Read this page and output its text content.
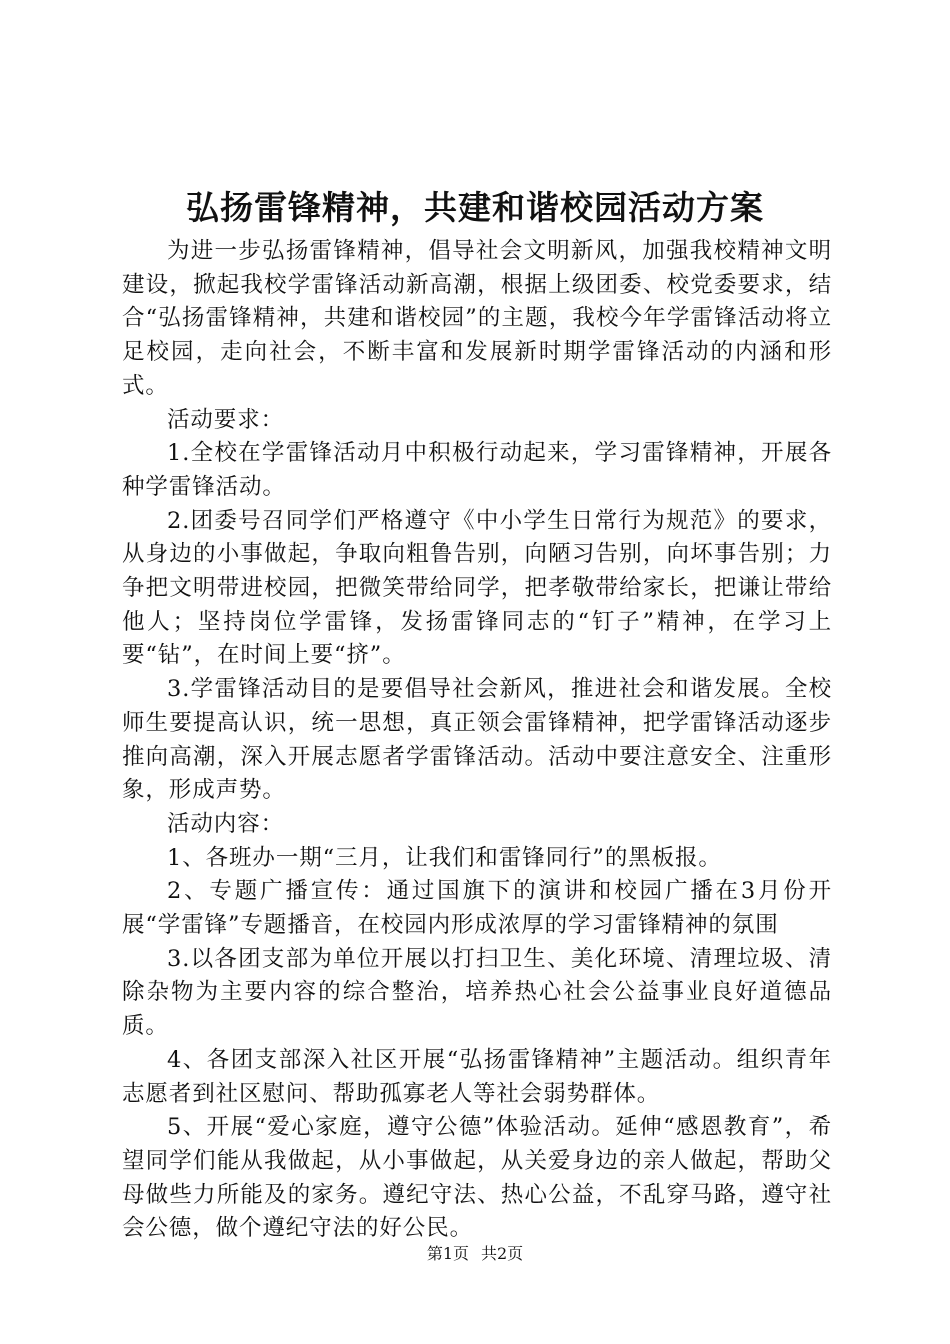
弘扬雷锋精神，共建和谐校园活动方案

为进一步弘扬雷锋精神，倡导社会文明新风，加强我校精神文明建设，掀起我校学雷锋活动新高潮，根据上级团委、校党委要求，结合“弘扬雷锋精神，共建和谐校园”的主题，我校今年学雷锋活动将立足校园，走向社会，不断丰富和发展新时期学雷锋活动的内涵和形式。

活动要求：

1.全校在学雷锋活动月中积极行动起来，学习雷锋精神，开展各种学雷锋活动。

2.团委号召同学们严格遵守《中小学生日常行为规范》的要求，从身边的小事做起，争取向粗鲁告别，向陋习告别，向坏事告别；力争把文明带进校园，把微笑带给同学，把孝敬带给家长，把谦让带给他人；坚持岗位学雷锋，发扬雷锋同志的“钉子”精神，在学习上要“钻”，在时间上要“挤”。

3.学雷锋活动目的是要倡导社会新风，推进社会和谐发展。全校师生要提高认识，统一思想，真正领会雷锋精神，把学雷锋活动逐步推向高潮，深入开展志愿者学雷锋活动。活动中要注意安全、注重形象，形成声势。

活动内容：

1、各班办一期“三月，让我们和雷锋同行”的黑板报。

2、专题广播宣传：通过国旗下的演讲和校园广播在3月份开展“学雷锋”专题播音，在校园内形成浓厚的学习雷锋精神的氛围

3.以各团支部为单位开展以打扫卫生、美化环境、清理垃圾、清除杂物为主要内容的综合整治，培养热心社会公益事业良好道德品质。

4、各团支部深入社区开展“弘扬雷锋精神”主题活动。组织青年志愿者到社区慰问、帮助孤寡老人等社会弱势群体。

5、开展“爱心家庭，遵守公德”体验活动。延伸“感恩教育”，希望同学们能从我做起，从小事做起，从关爱身边的亲人做起，帮助父母做些力所能及的家务。遵纪守法、热心公益，不乱穿马路，遵守社会公德，做个遵纪守法的好公民。

第1页 共2页
